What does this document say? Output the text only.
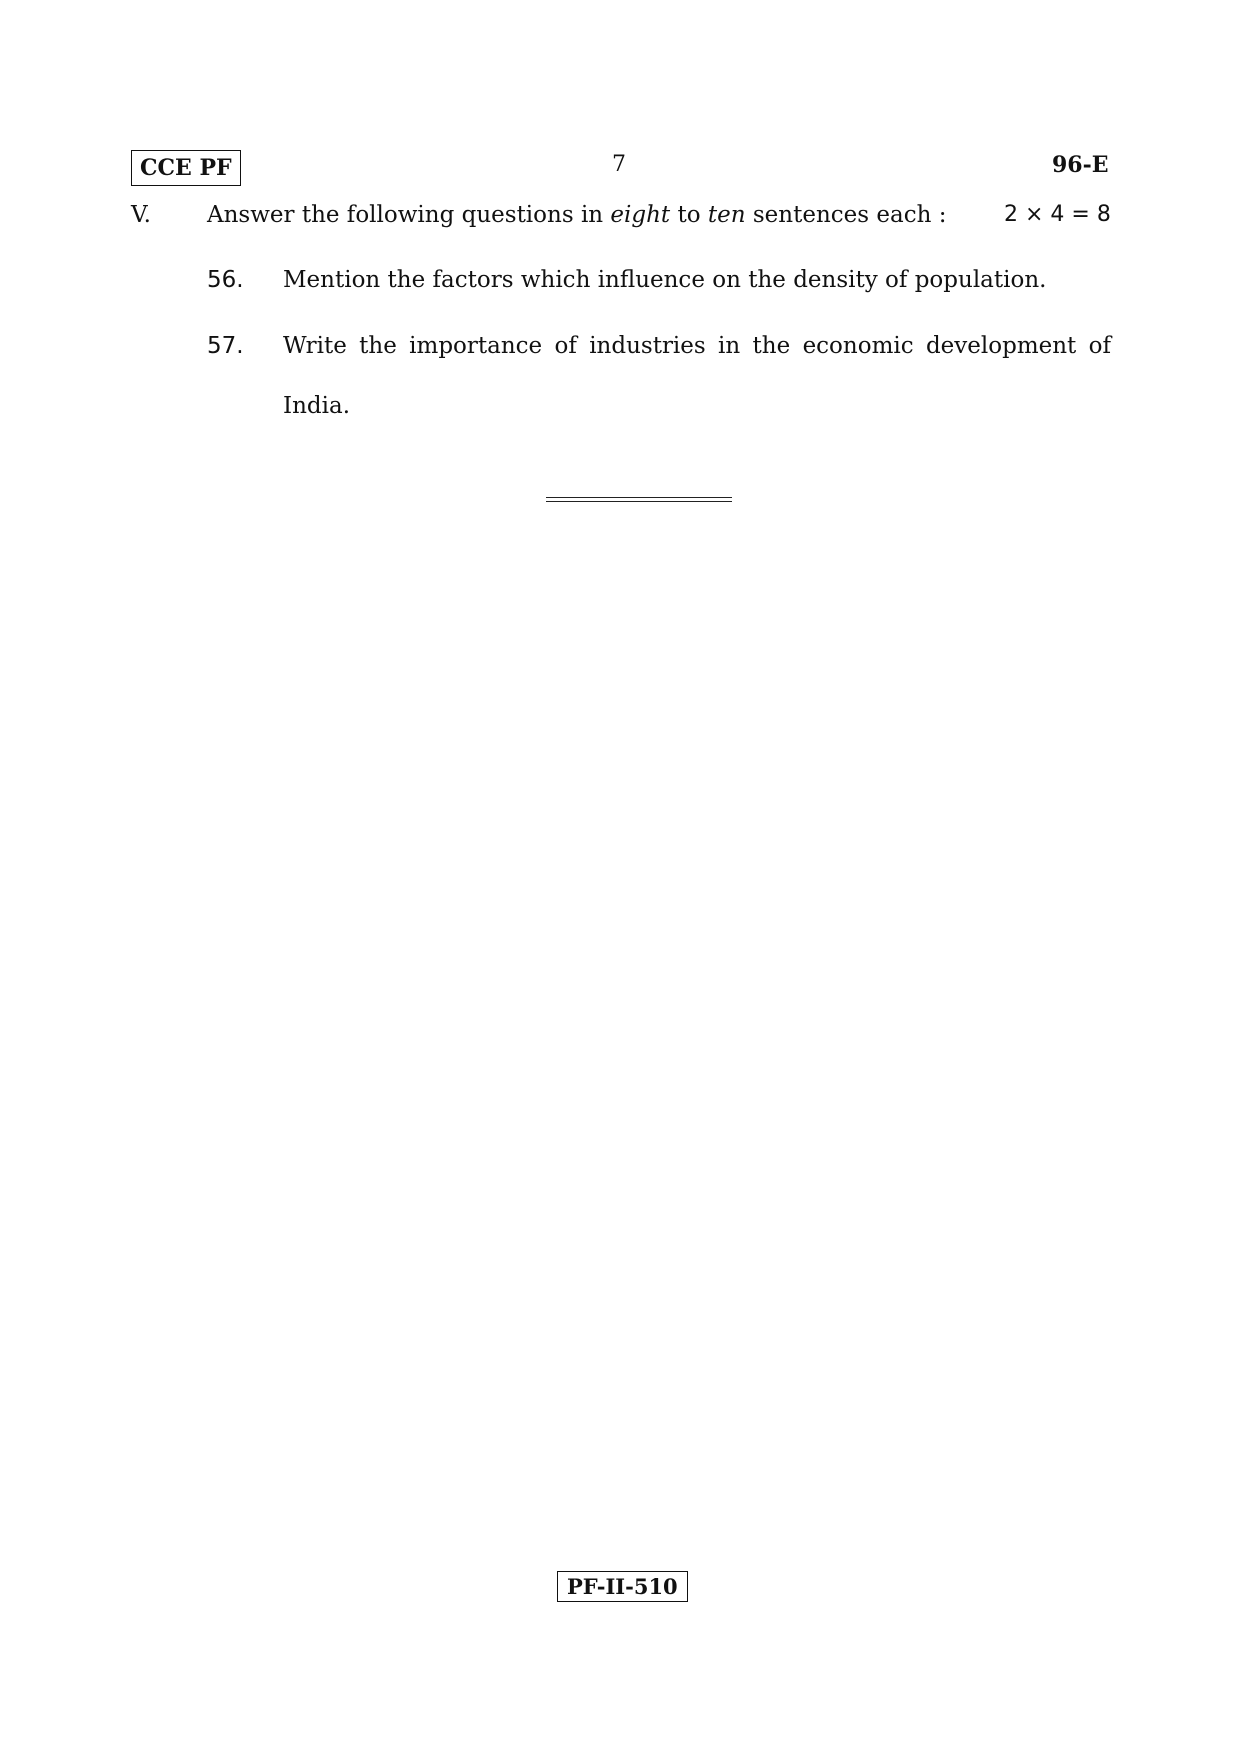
CCE PF	7	96-E
V. Answer the following questions in eight to ten sentences each :	2 × 4 = 8
56. Mention the factors which influence on the density of population.
57. Write the importance of industries in the economic development of
India.
PF-II-510
